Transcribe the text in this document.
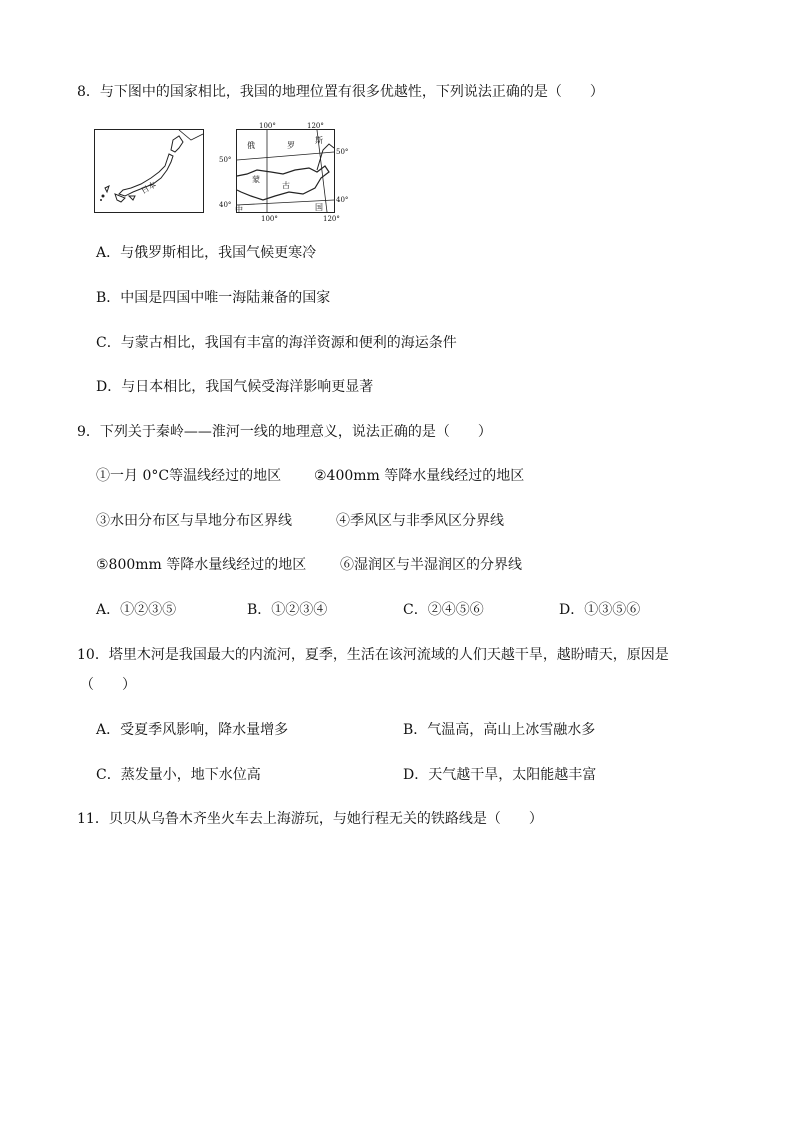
8．与下图中的国家相比，我国的地理位置有很多优越性，下列说法正确的是（　　）
日本
俄	罗
斯
蒙
古
中	国
100°	120°
100°	120°
50°
40°
50°
40°
A．与俄罗斯相比，我国气候更寒冷
B．中国是四国中唯一海陆兼备的国家
C．与蒙古相比，我国有丰富的海洋资源和便利的海运条件
D．与日本相比，我国气候受海洋影响更显著
9．下列关于秦岭——淮河一线的地理意义，说法正确的是（　　）
①一月 0°C等温线经过的地区 ②400mm 等降水量线经过的地区
③水田分布区与旱地分布区界线	④季风区与非季风区分界线
⑤800mm 等降水量线经过的地区 ⑥湿润区与半湿润区的分界线
A．①②③⑤	B．①②③④	C．②④⑤⑥	D．①③⑤⑥
10．塔里木河是我国最大的内流河，夏季，生活在该河流域的人们天越干旱，越盼晴天，原因是
（　　）
A．受夏季风影响，降水量增多	B．气温高，高山上冰雪融水多
C．蒸发量小，地下水位高	D．天气越干旱，太阳能越丰富
11．贝贝从乌鲁木齐坐火车去上海游玩，与她行程无关的铁路线是（　　）
